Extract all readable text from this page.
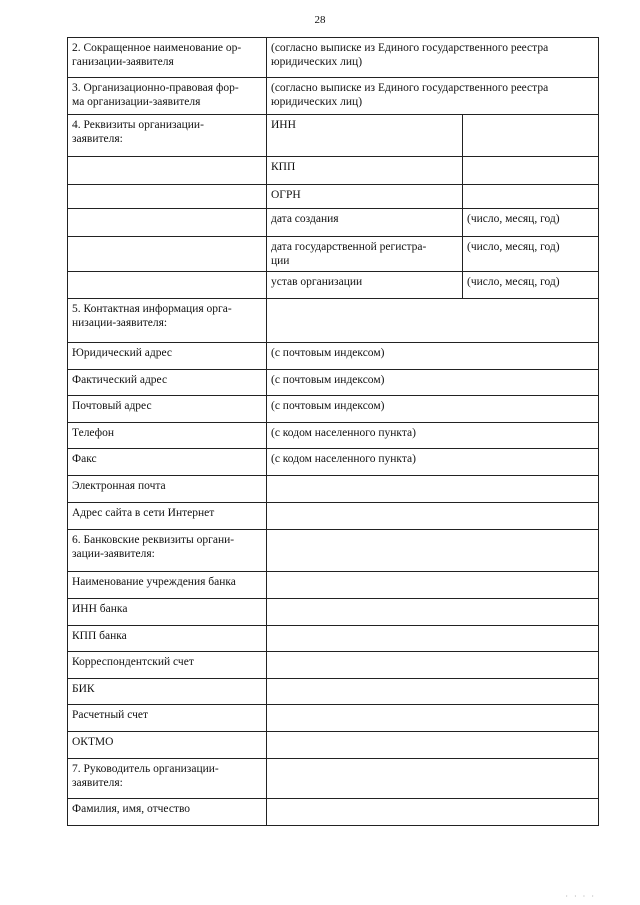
28
2. Сокращенное наименование ор-
ганизации-заявителя	(согласно выписке из Единого государственного реестра юридических лиц)	
3. Организационно-правовая фор-
ма организации-заявителя	(согласно выписке из Единого государственного реестра юридических лиц)	
4. Реквизиты организации-
заявителя:	ИНН	
	КПП	
	ОГРН	
	дата создания	(число, месяц, год)
	дата государственной регистра-
ции	(число, месяц, год)
	устав организации	(число, месяц, год)
5. Контактная информация орга-
низации-заявителя:		
Юридический адрес	(с почтовым индексом)	
Фактический адрес	(с почтовым индексом)	
Почтовый адрес	(с почтовым индексом)	
Телефон	(с кодом населенного пункта)	
Факс	(с кодом населенного пункта)	
Электронная почта		
Адрес сайта в сети Интернет		
6. Банковские реквизиты органи-
зации-заявителя:		
Наименование учреждения банка		
ИНН банка		
КПП банка		
Корреспондентский счет		
БИК		
Расчетный счет		
ОКТМО		
7. Руководитель организации-
заявителя:		
Фамилия, имя, отчество		
· · · ·
